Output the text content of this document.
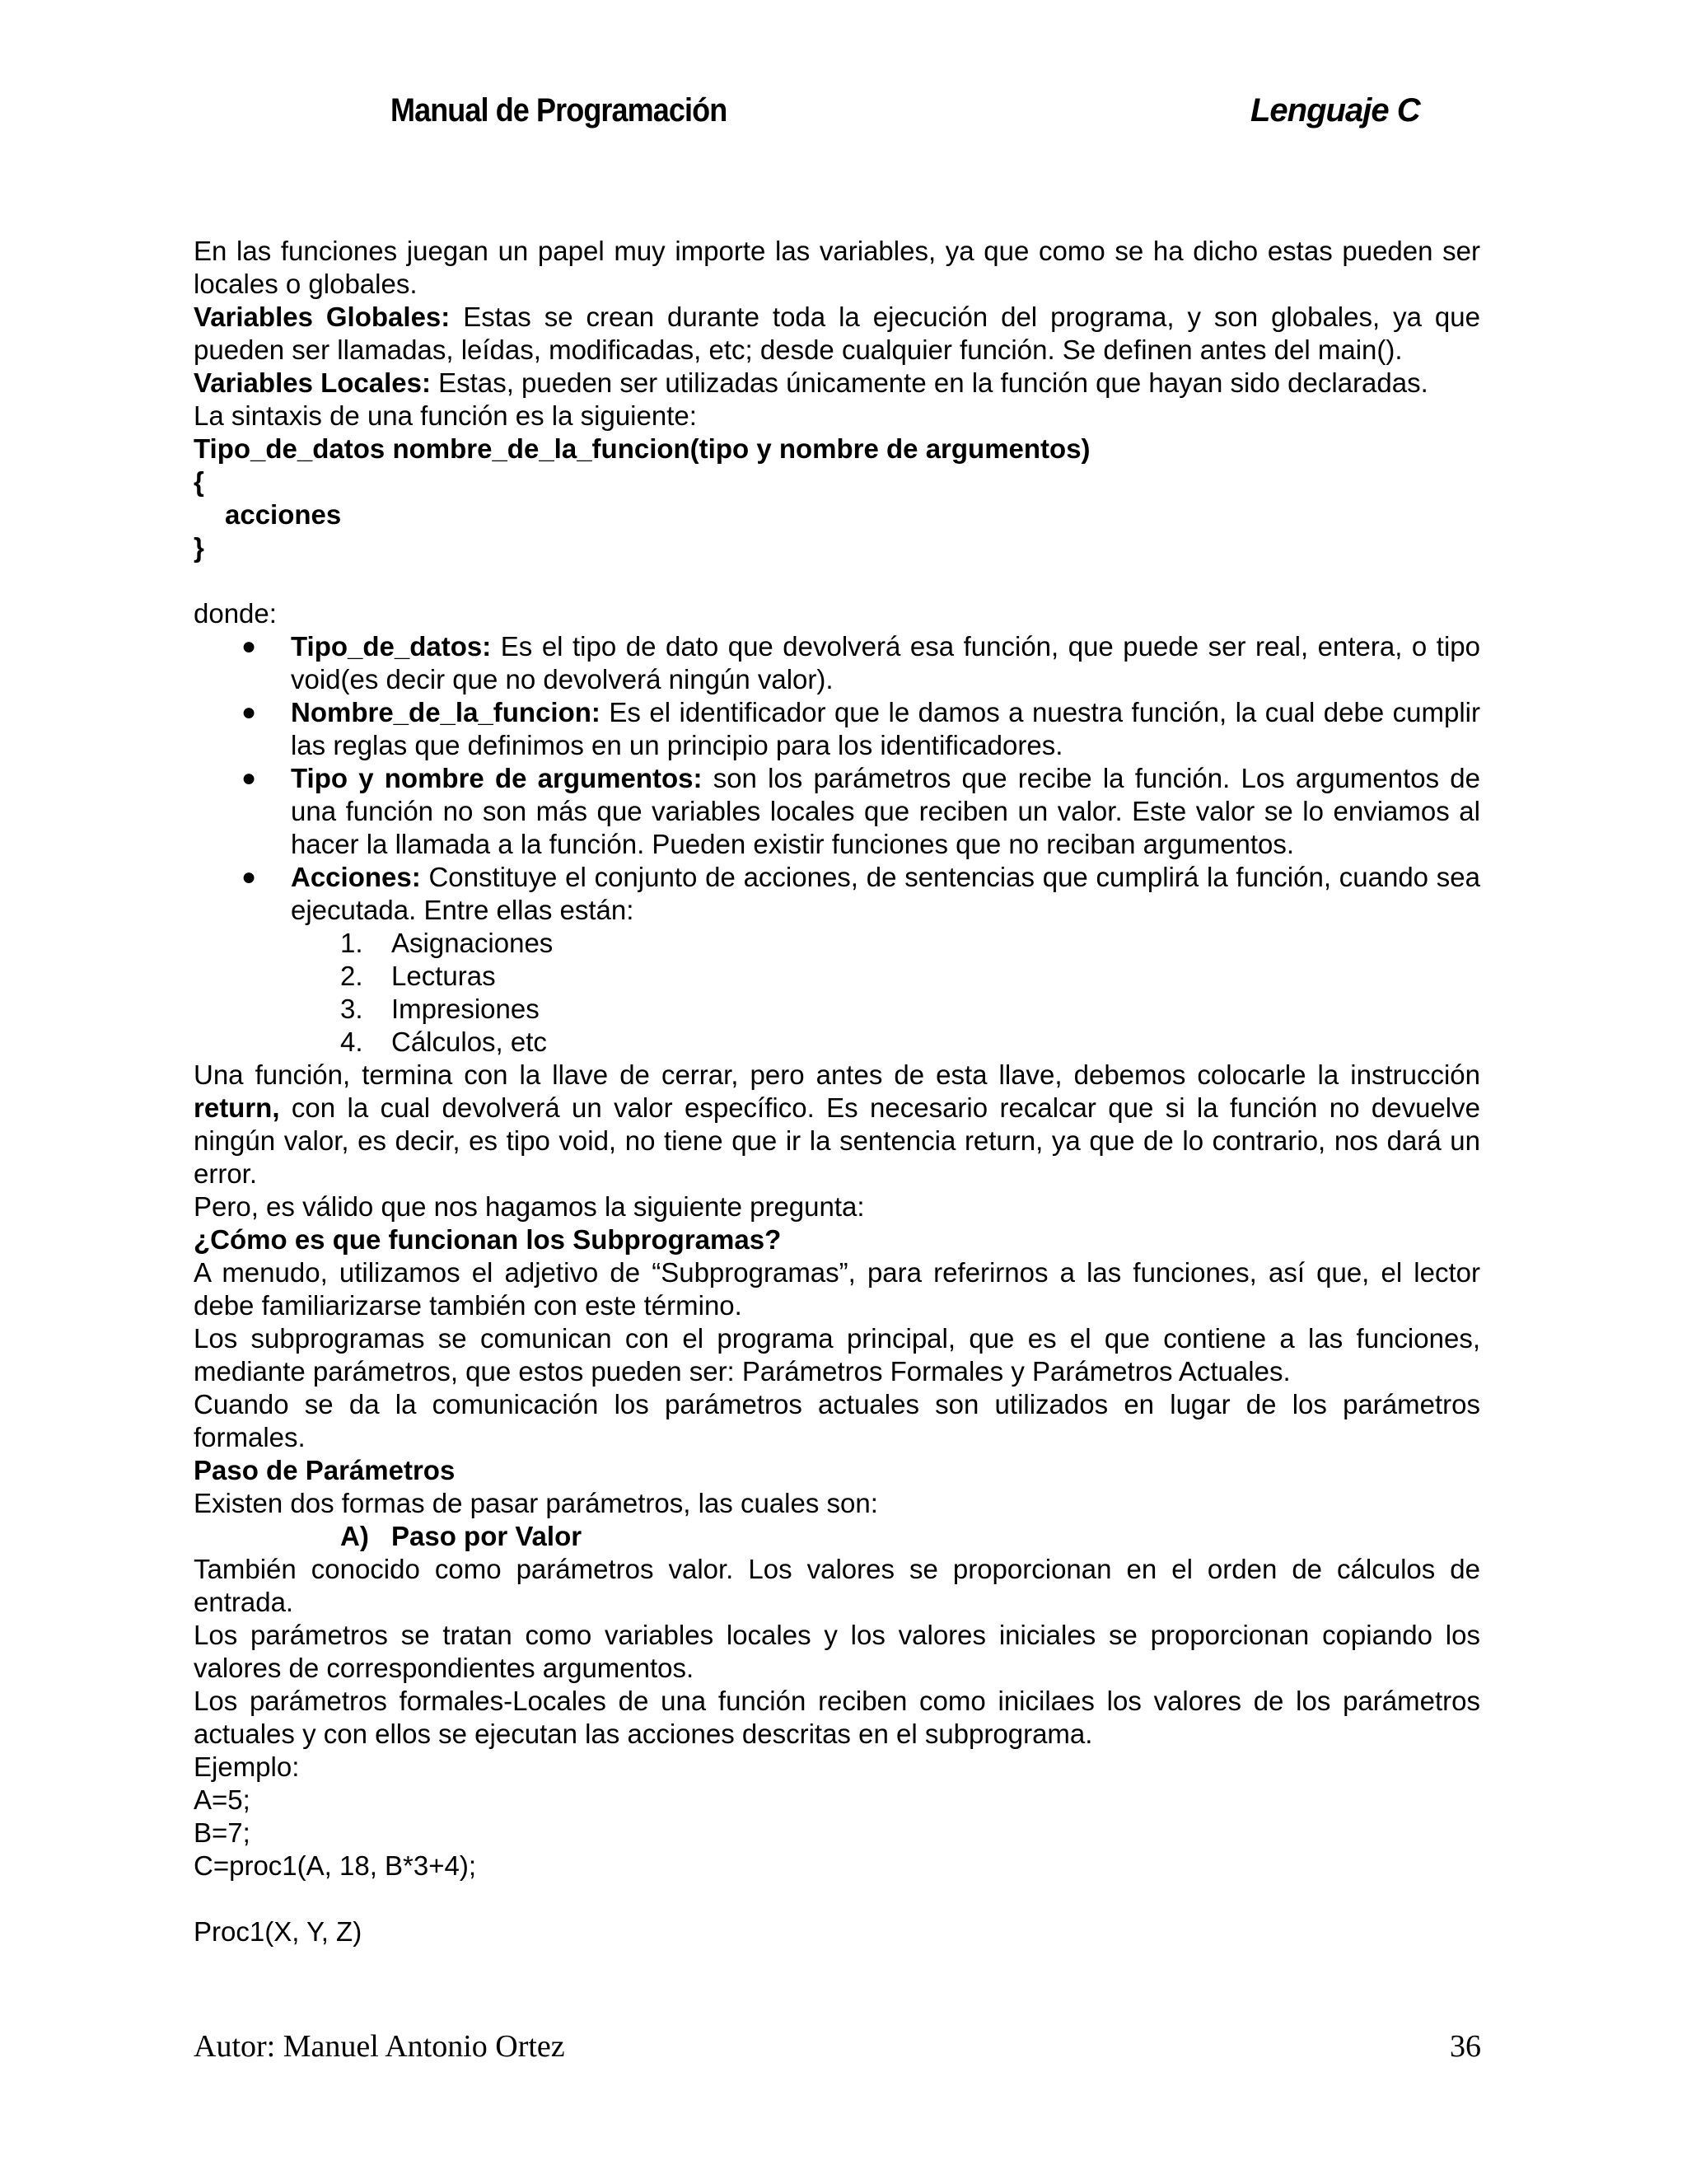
Manual de Programación	Lenguaje C

En las funciones juegan un papel muy importe las variables, ya que como se ha dicho estas pueden ser locales o globales.

Variables Globales: Estas se crean durante toda la ejecución del programa, y son globales, ya que pueden ser llamadas, leídas, modificadas, etc; desde cualquier función. Se definen antes del main().

Variables Locales: Estas, pueden ser utilizadas únicamente en la función que hayan sido declaradas.

La sintaxis de una función es la siguiente:

Tipo_de_datos nombre_de_la_funcion(tipo y nombre de argumentos)

{

acciones

}

donde:

● Tipo_de_datos: Es el tipo de dato que devolverá esa función, que puede ser real, entera, o tipo void(es decir que no devolverá ningún valor).
● Nombre_de_la_funcion: Es el identificador que le damos a nuestra función, la cual debe cumplir las reglas que definimos en un principio para los identificadores.
● Tipo y nombre de argumentos: son los parámetros que recibe la función. Los argumentos de una función no son más que variables locales que reciben un valor. Este valor se lo enviamos al hacer la llamada a la función. Pueden existir funciones que no reciban argumentos.
● Acciones: Constituye el conjunto de acciones, de sentencias que cumplirá la función, cuando sea ejecutada. Entre ellas están:
1.	Asignaciones
2.	Lecturas
3.	Impresiones
4.	Cálculos, etc

Una función, termina con la llave de cerrar, pero antes de esta llave, debemos colocarle la instrucción return, con la cual devolverá un valor específico. Es necesario recalcar que si la función no devuelve ningún valor, es decir, es tipo void, no tiene que ir la sentencia return, ya que de lo contrario, nos dará un error.

Pero, es válido que nos hagamos la siguiente pregunta:

¿Cómo es que funcionan los Subprogramas?

A menudo, utilizamos el adjetivo de “Subprogramas”, para referirnos a las funciones, así que, el lector debe familiarizarse también con este término.

Los subprogramas se comunican con el programa principal, que es el que contiene a las funciones, mediante parámetros, que estos pueden ser: Parámetros Formales y Parámetros Actuales.

Cuando se da la comunicación los parámetros actuales son utilizados en lugar de los parámetros formales.

Paso de Parámetros

Existen dos formas de pasar parámetros, las cuales son:

A) Paso por Valor

También conocido como parámetros valor. Los valores se proporcionan en el orden de cálculos de entrada.

Los parámetros se tratan como variables locales y los valores iniciales se proporcionan copiando los valores de correspondientes argumentos.

Los parámetros formales-Locales de una función reciben como inicilaes los valores de los parámetros actuales y con ellos se ejecutan las acciones descritas en el subprograma.

Ejemplo:

A=5;

B=7;

C=proc1(A, 18, B*3+4);

Proc1(X, Y, Z)

Autor: Manuel Antonio Ortez	36
